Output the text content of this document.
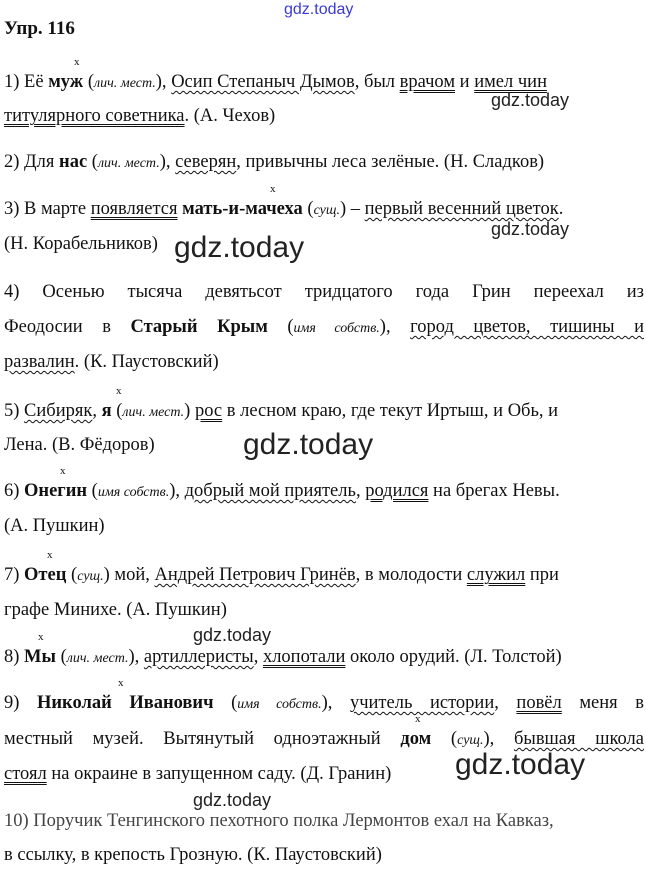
gdz.today
gdz.today
gdz.today
gdz.today
gdz.today
gdz.today
gdz.today
gdz.today
Упр. 116
x
1) Её муж (лич. мест.), Осип Степаныч Дымов, был врачом и имел чин
титулярного советника. (А. Чехов)
2) Для нас (лич. мест.), северян, привычны леса зелёные. (Н. Сладков)
x
3) В марте появляется мать-и-мачеха (сущ.) – первый весенний цветок.
(Н. Корабельников)
4) Осенью тысяча девятьсот тридцатого года Грин переехал из
Феодосии в Старый Крым (имя собств.), город цветов, тишины и
развалин. (К. Паустовский)
x
5) Сибиряк, я (лич. мест.) рос в лесном краю, где текут Иртыш, и Обь, и
Лена. (В. Фёдоров)
x
6) Онегин (имя собств.), добрый мой приятель, родился на брегах Невы.
(А. Пушкин)
x
7) Отец (сущ.) мой, Андрей Петрович Гринёв, в молодости служил при
графе Минихе. (А. Пушкин)
x
8) Мы (лич. мест.), артиллеристы, хлопотали около орудий. (Л. Толстой)
x
9) Николай Иванович (имя собств.), учитель истории, повёл меня в
x
местный музей. Вытянутый одноэтажный дом (сущ.), бывшая школа
стоял на окраине в запущенном саду. (Д. Гранин)
10) Поручик Тенгинского пехотного полка Лермонтов ехал на Кавказ,
в ссылку, в крепость Грозную. (К. Паустовский)
